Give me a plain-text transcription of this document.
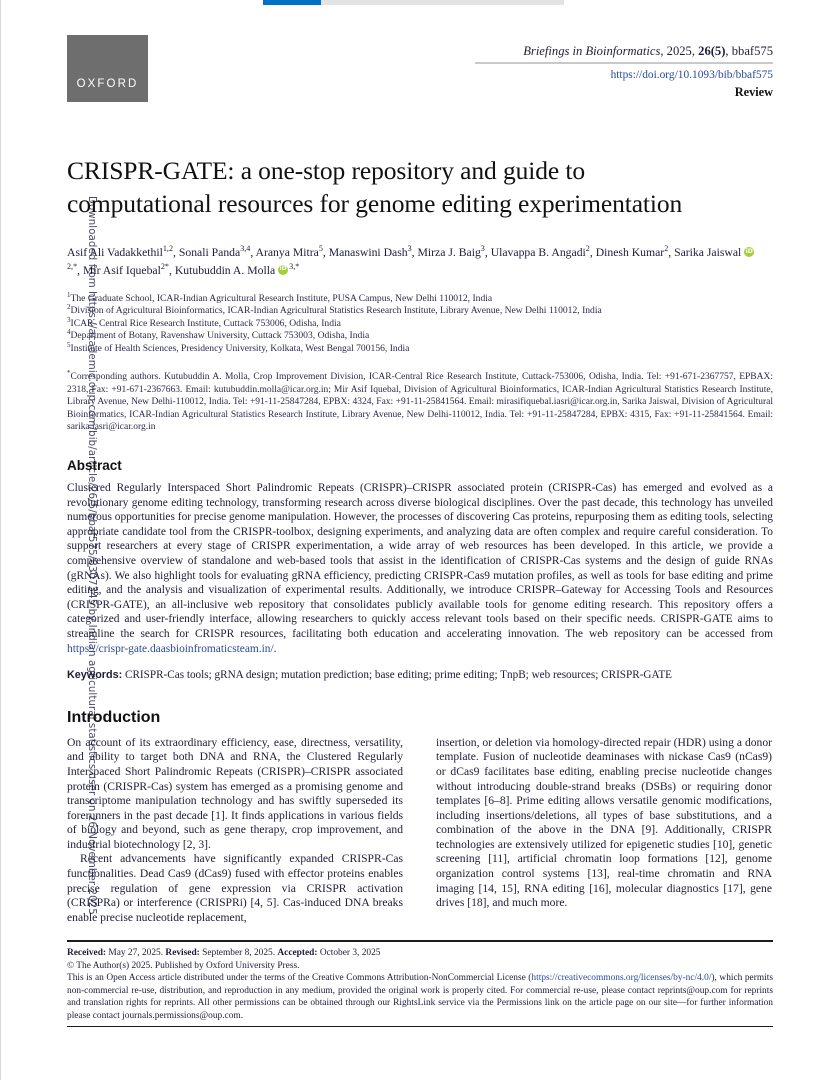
Downloaded from https://academic.oup.com/bib/article/26/5/bbaf575/8307345 by Indian agricultural statistics user on 26 November 2025
OXFORD
Briefings in Bioinformatics, 2025, 26(5), bbaf575
https://doi.org/10.1093/bib/bbaf575
Review
CRISPR-GATE: a one-stop repository and guide to computational resources for genome editing experimentation
Asif Ali Vadakkethil$^{1,2}$, Sonali Panda$^{3,4}$, Aranya Mitra$^5$, Manaswini Dash$^3$, Mirza J. Baig$^3$, Ulavappa B. Angadi$^2$, Dinesh Kumar$^2$, Sarika JaiswaliD$^{2,*}$, Mir Asif Iquebal$^{2*}$, Kutubuddin A. Molla iD $^{3,*}$
$^1$The Graduate School, ICAR-Indian Agricultural Research Institute, PUSA Campus, New Delhi 110012, India
$^2$Division of Agricultural Bioinformatics, ICAR-Indian Agricultural Statistics Research Institute, Library Avenue, New Delhi 110012, India
$^3$ICAR- Central Rice Research Institute, Cuttack 753006, Odisha, India
$^4$Department of Botany, Ravenshaw University, Cuttack 753003, Odisha, India
$^5$Institute of Health Sciences, Presidency University, Kolkata, West Bengal 700156, India
*Corresponding authors. Kutubuddin A. Molla, Crop Improvement Division, ICAR-Central Rice Research Institute, Cuttack-753006, Odisha, India. Tel: +91-671-2367757, EPBAX: 2318, Fax: +91-671-2367663. Email: kutubuddin.molla@icar.org.in; Mir Asif Iquebal, Division of Agricultural Bioinformatics, ICAR-Indian Agricultural Statistics Research Institute, Library Avenue, New Delhi-110012, India. Tel: +91-11-25847284, EPBX: 4324, Fax: +91-11-25841564. Email: mirasifiquebal.iasri@icar.org.in, Sarika Jaiswal, Division of Agricultural Bioinformatics, ICAR-Indian Agricultural Statistics Research Institute, Library Avenue, New Delhi-110012, India. Tel: +91-11-25847284, EPBX: 4315, Fax: +91-11-25841564. Email: sarika.iasri@icar.org.in
Abstract
Clustered Regularly Interspaced Short Palindromic Repeats (CRISPR)–CRISPR associated protein (CRISPR-Cas) has emerged and evolved as a revolutionary genome editing technology, transforming research across diverse biological disciplines. Over the past decade, this technology has unveiled numerous opportunities for precise genome manipulation. However, the processes of discovering Cas proteins, repurposing them as editing tools, selecting appropriate candidate tool from the CRISPR-toolbox, designing experiments, and analyzing data are often complex and require careful consideration. To support researchers at every stage of CRISPR experimentation, a wide array of web resources has been developed. In this article, we provide a comprehensive overview of standalone and web-based tools that assist in the identification of CRISPR-Cas systems and the design of guide RNAs (gRNAs). We also highlight tools for evaluating gRNA efficiency, predicting CRISPR-Cas9 mutation profiles, as well as tools for base editing and prime editing, and the analysis and visualization of experimental results. Additionally, we introduce CRISPR–Gateway for Accessing Tools and Resources (CRISPR-GATE), an all-inclusive web repository that consolidates publicly available tools for genome editing research. This repository offers a categorized and user-friendly interface, allowing researchers to quickly access relevant tools based on their specific needs. CRISPR-GATE aims to streamline the search for CRISPR resources, facilitating both education and accelerating innovation. The web repository can be accessed from https://crispr-gate.daasbioinfromaticsteam.in/.
Keywords: CRISPR-Cas tools; gRNA design; mutation prediction; base editing; prime editing; TnpB; web resources; CRISPR-GATE
Introduction

On account of its extraordinary efficiency, ease, directness, versatility, and ability to target both DNA and RNA, the Clustered Regularly Interspaced Short Palindromic Repeats (CRISPR)–CRISPR associated protein (CRISPR-Cas) system has emerged as a promising genome and transcriptome manipulation technology and has swiftly superseded its forerunners in the past decade [1]. It finds applications in various fields of biology and beyond, such as gene therapy, crop improvement, and industrial biotechnology [2, 3].

Recent advancements have significantly expanded CRISPR-Cas functionalities. Dead Cas9 (dCas9) fused with effector proteins enables precise regulation of gene expression via CRISPR activation (CRISPRa) or interference (CRISPRi) [4, 5]. Cas-induced DNA breaks enable precise nucleotide replacement,

insertion, or deletion via homology-directed repair (HDR) using a donor template. Fusion of nucleotide deaminases with nickase Cas9 (nCas9) or dCas9 facilitates base editing, enabling precise nucleotide changes without introducing double-strand breaks (DSBs) or requiring donor templates [6–8]. Prime editing allows versatile genomic modifications, including insertions/deletions, all types of base substitutions, and a combination of the above in the DNA [9]. Additionally, CRISPR technologies are extensively utilized for epigenetic studies [10], genetic screening [11], artificial chromatin loop formations [12], genome organization control systems [13], real-time chromatin and RNA imaging [14, 15], RNA editing [16], molecular diagnostics [17], gene drives [18], and much more.

Received: May 27, 2025. Revised: September 8, 2025. Accepted: October 3, 2025
© The Author(s) 2025. Published by Oxford University Press.
This is an Open Access article distributed under the terms of the Creative Commons Attribution-NonCommercial License (https://creativecommons.org/licenses/by-nc/4.0/), which permits non-commercial re-use, distribution, and reproduction in any medium, provided the original work is properly cited. For commercial re-use, please contact reprints@oup.com for reprints and translation rights for reprints. All other permissions can be obtained through our RightsLink service via the Permissions link on the article page on our site—for further information please contact journals.permissions@oup.com.
